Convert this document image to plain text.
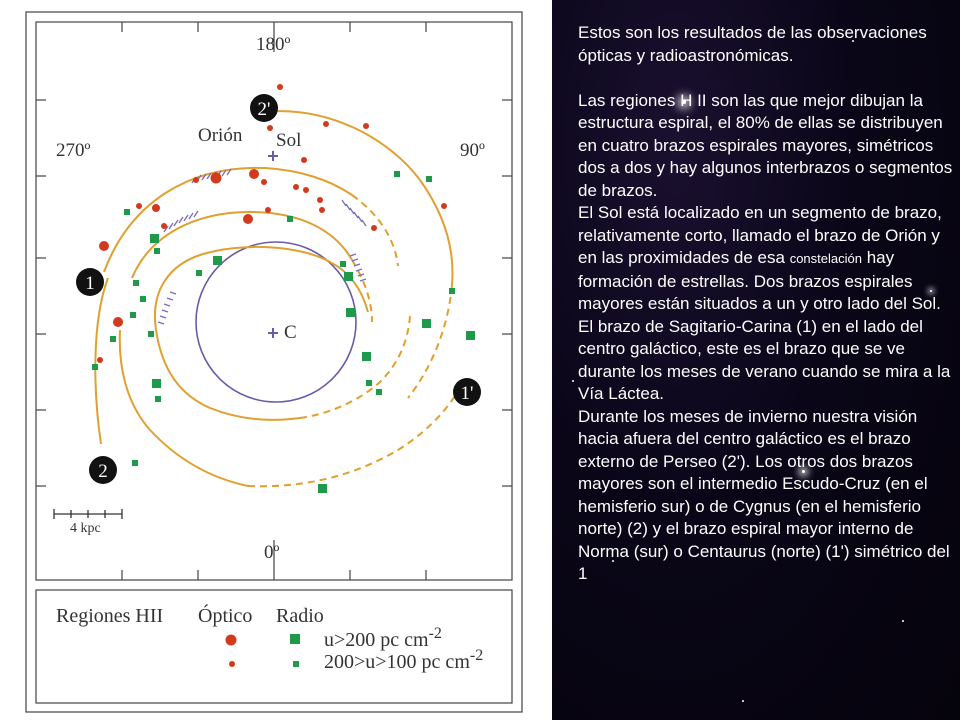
180º
270º	90º
0º
Orión Sol
C
2'
1
1'
2
4 kpc
Regiones HII Óptico Radio
u>200 pc $cm^{-2}$
200>u>100 pc $cm^{-2}$

Estos son los resultados de las observaciones ópticas y radioastronómicas.

Las regiones H II son las que mejor dibujan la estructura espiral, el 80% de ellas se distribuyen en cuatro brazos espirales mayores, simétricos dos a dos y hay algunos interbrazos o segmentos de brazos.

El Sol está localizado en un segmento de brazo, relativamente corto, llamado el brazo de Orión y en las proximidades de esa constelación hay formación de estrellas. Dos brazos espirales mayores están situados a un y otro lado del Sol. El brazo de Sagitario-Carina (1) en el lado del centro galáctico, este es el brazo que se ve durante los meses de verano cuando se mira a la Vía Láctea.

Durante los meses de invierno nuestra visión hacia afuera del centro galáctico es el brazo externo de Perseo (2'). Los otros dos brazos mayores son el intermedio Escudo-Cruz (en el hemisferio sur) o de Cygnus (en el hemisferio norte) (2) y el brazo espiral mayor interno de Norma (sur) o Centaurus (norte) (1') simétrico del 1
